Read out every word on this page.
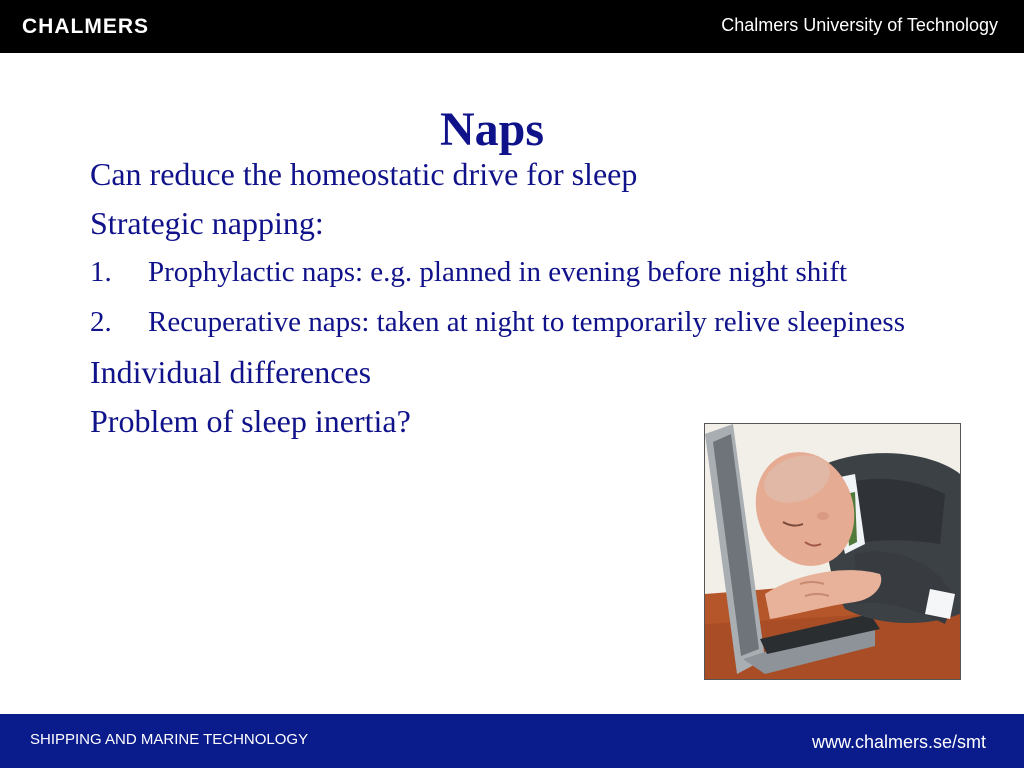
CHALMERS	Chalmers University of Technology
Naps
Can reduce the homeostatic drive for sleep
Strategic napping:
1.	Prophylactic naps: e.g. planned in evening before night shift
2.	Recuperative naps: taken at night to temporarily relive sleepiness
Individual differences
Problem of sleep inertia?
SHIPPING AND MARINE TECHNOLOGY	www.chalmers.se/smt
